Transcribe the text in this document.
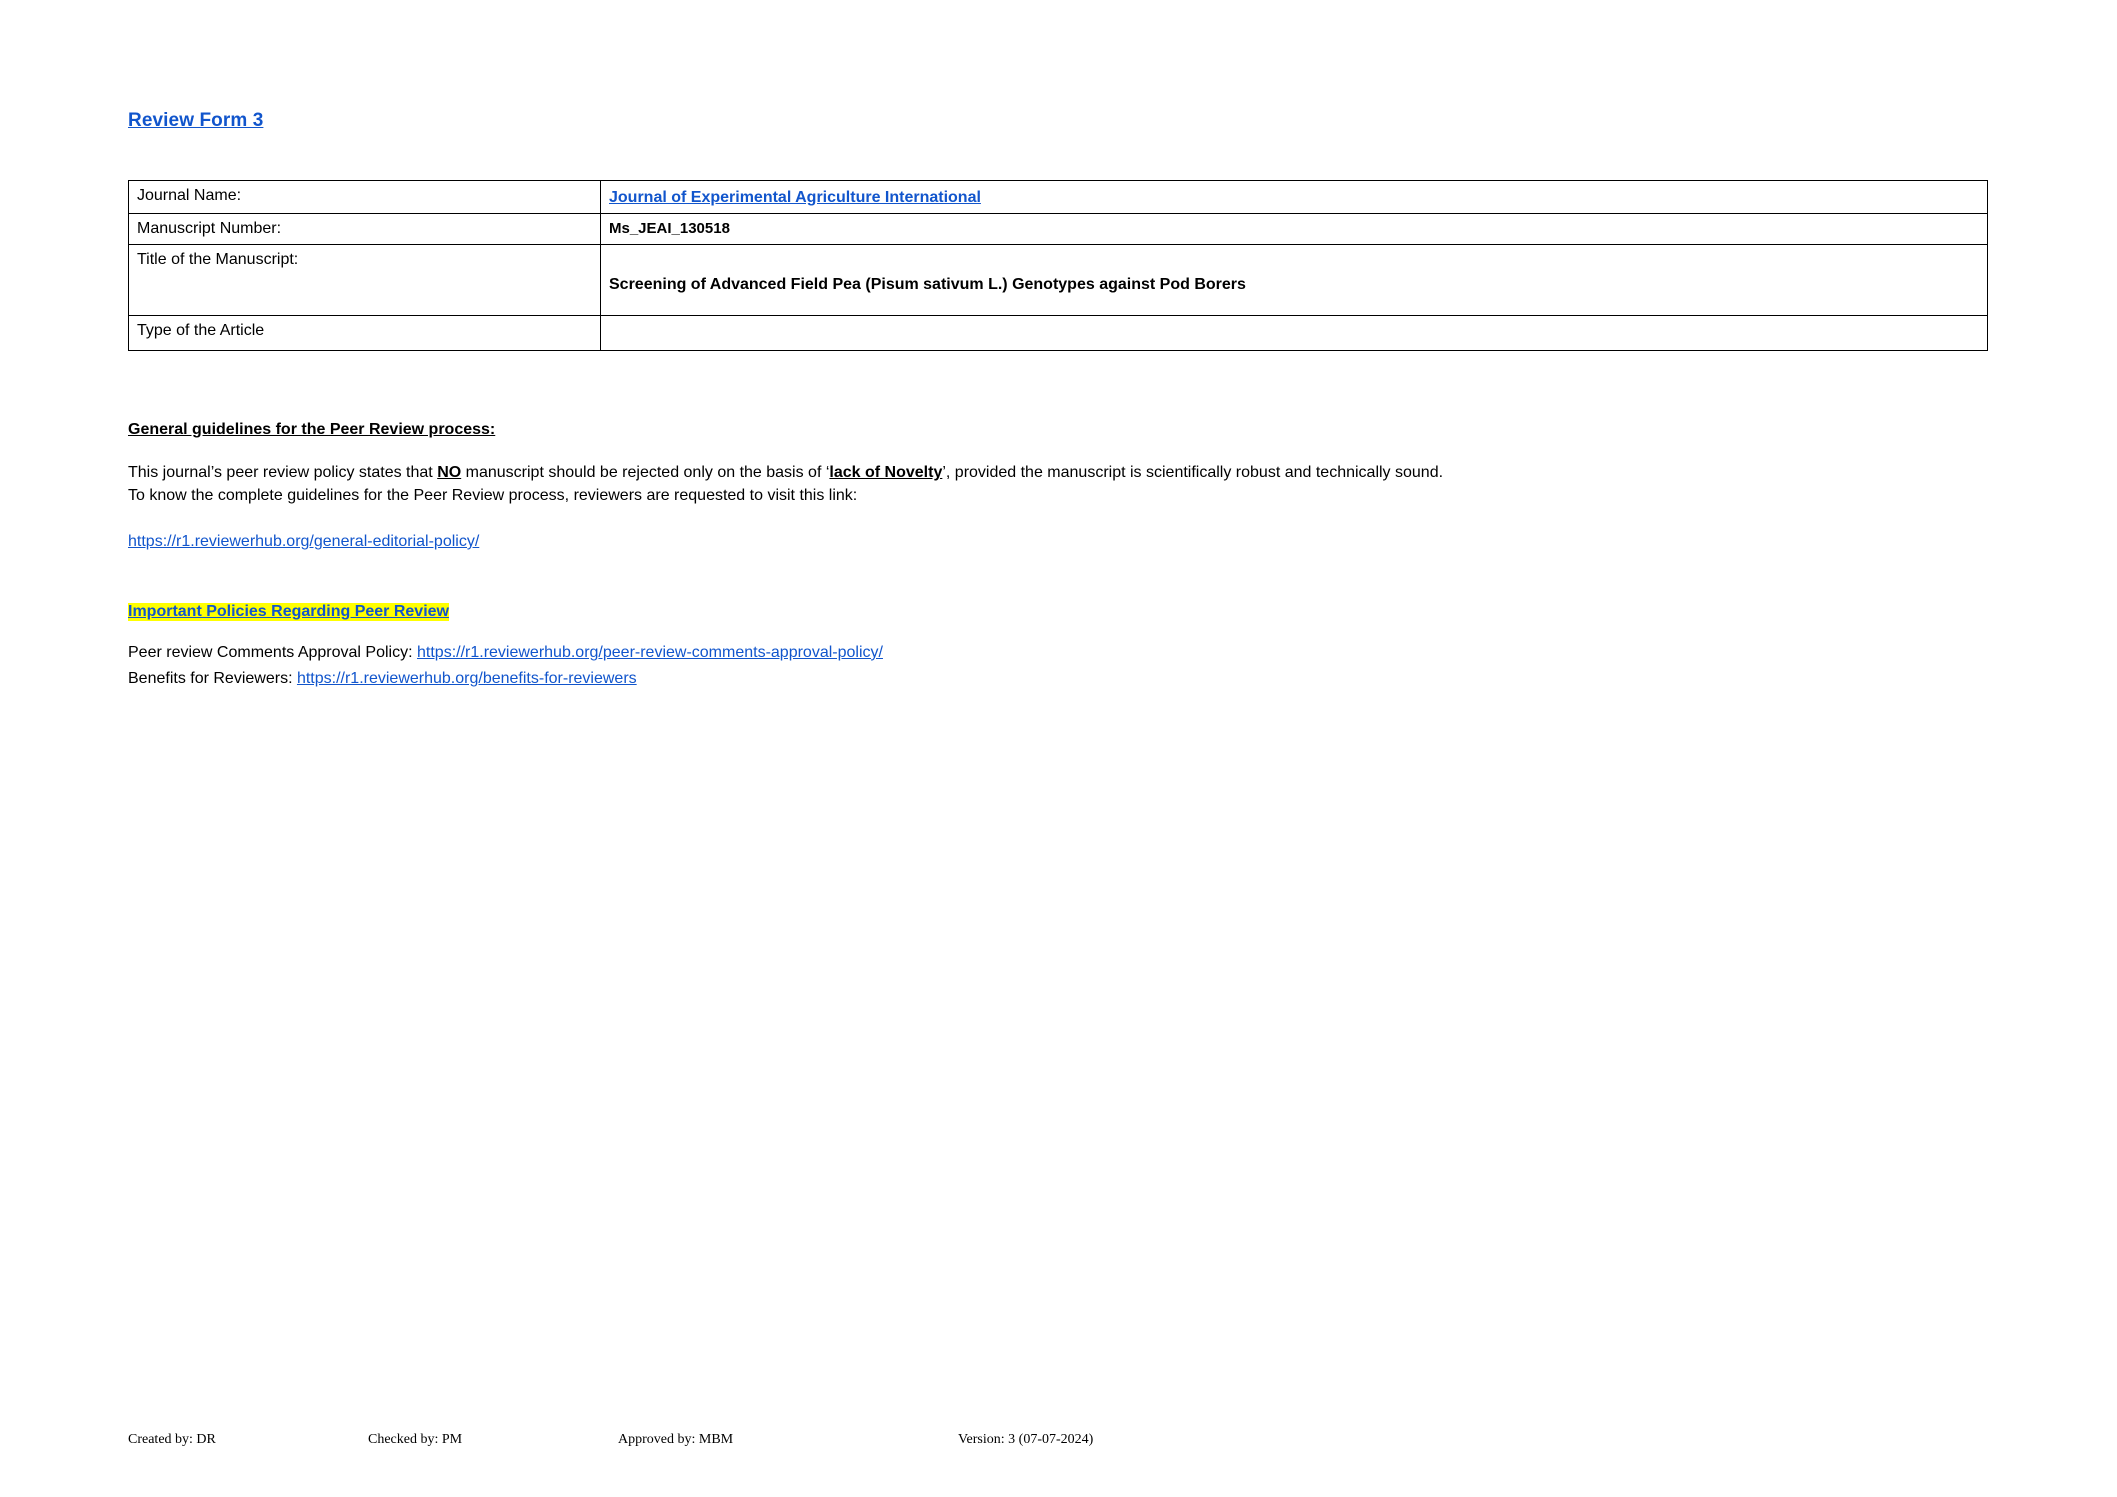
Review Form 3
Journal Name:	Journal of Experimental Agriculture International
Manuscript Number:	Ms_JEAI_130518
Title of the Manuscript:	Screening of Advanced Field Pea (Pisum sativum L.) Genotypes against Pod Borers

Type of the Article	
General guidelines for the Peer Review process:
This journal’s peer review policy states that NO manuscript should be rejected only on the basis of ‘lack of Novelty’, provided the manuscript is scientifically robust and technically sound.
To know the complete guidelines for the Peer Review process, reviewers are requested to visit this link:
https://r1.reviewerhub.org/general-editorial-policy/
Important Policies Regarding Peer Review
Peer review Comments Approval Policy: https://r1.reviewerhub.org/peer-review-comments-approval-policy/
Benefits for Reviewers: https://r1.reviewerhub.org/benefits-for-reviewers
Created by: DR	Checked by: PM	Approved by: MBM	Version: 3 (07-07-2024)
